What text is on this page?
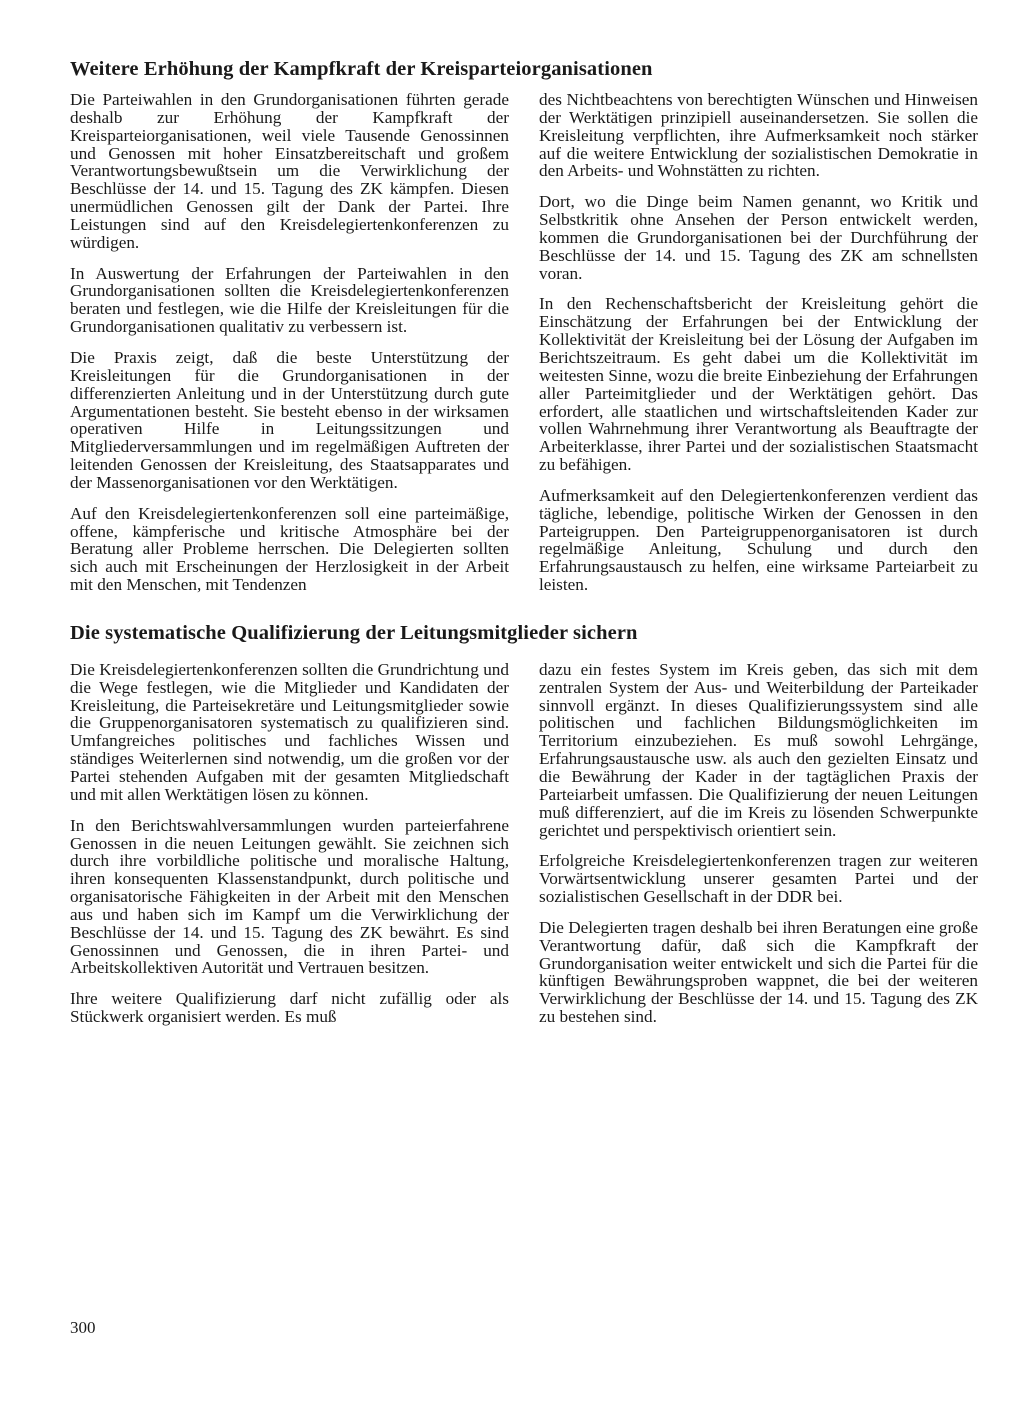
Weitere Erhöhung der Kampfkraft der Kreisparteiorganisationen

Die Parteiwahlen in den Grundorganisationen führten gerade deshalb zur Erhöhung der Kampfkraft der Kreisparteiorganisationen, weil viele Tausende Genossinnen und Genossen mit hoher Einsatzbereitschaft und großem Verantwortungsbewußtsein um die Verwirklichung der Beschlüsse der 14. und 15. Tagung des ZK kämpfen. Diesen unermüdlichen Genossen gilt der Dank der Partei. Ihre Leistungen sind auf den Kreisdelegiertenkonferenzen zu würdigen.

In Auswertung der Erfahrungen der Parteiwahlen in den Grundorganisationen sollten die Kreisdelegiertenkonferenzen beraten und festlegen, wie die Hilfe der Kreisleitungen für die Grundorganisationen qualitativ zu verbessern ist.

Die Praxis zeigt, daß die beste Unterstützung der Kreisleitungen für die Grundorganisationen in der differenzierten Anleitung und in der Unterstützung durch gute Argumentationen besteht. Sie besteht ebenso in der wirksamen operativen Hilfe in Leitungssitzungen und Mitgliederversammlungen und im regelmäßigen Auftreten der leitenden Genossen der Kreisleitung, des Staatsapparates und der Massenorganisationen vor den Werktätigen.

Auf den Kreisdelegiertenkonferenzen soll eine parteimäßige, offene, kämpferische und kritische Atmosphäre bei der Beratung aller Probleme herrschen. Die Delegierten sollten sich auch mit Erscheinungen der Herzlosigkeit in der Arbeit mit den Menschen, mit Tendenzen

des Nichtbeachtens von berechtigten Wünschen und Hinweisen der Werktätigen prinzipiell auseinandersetzen. Sie sollen die Kreisleitung verpflichten, ihre Aufmerksamkeit noch stärker auf die weitere Entwicklung der sozialistischen Demokratie in den Arbeits- und Wohnstätten zu richten.

Dort, wo die Dinge beim Namen genannt, wo Kritik und Selbstkritik ohne Ansehen der Person entwickelt werden, kommen die Grundorganisationen bei der Durchführung der Beschlüsse der 14. und 15. Tagung des ZK am schnellsten voran.

In den Rechenschaftsbericht der Kreisleitung gehört die Einschätzung der Erfahrungen bei der Entwicklung der Kollektivität der Kreisleitung bei der Lösung der Aufgaben im Berichtszeitraum. Es geht dabei um die Kollektivität im weitesten Sinne, wozu die breite Einbeziehung der Erfahrungen aller Parteimitglieder und der Werktätigen gehört. Das erfordert, alle staatlichen und wirtschaftsleitenden Kader zur vollen Wahrnehmung ihrer Verantwortung als Beauftragte der Arbeiterklasse, ihrer Partei und der sozialistischen Staatsmacht zu befähigen.

Aufmerksamkeit auf den Delegiertenkonferenzen verdient das tägliche, lebendige, politische Wirken der Genossen in den Parteigruppen. Den Parteigruppenorganisatoren ist durch regelmäßige Anleitung, Schulung und durch den Erfahrungsaustausch zu helfen, eine wirksame Parteiarbeit zu leisten.

Die systematische Qualifizierung der Leitungsmitglieder sichern

Die Kreisdelegiertenkonferenzen sollten die Grundrichtung und die Wege festlegen, wie die Mitglieder und Kandidaten der Kreisleitung, die Parteisekretäre und Leitungsmitglieder sowie die Gruppenorganisatoren systematisch zu qualifizieren sind. Umfangreiches politisches und fachliches Wissen und ständiges Weiterlernen sind notwendig, um die großen vor der Partei stehenden Aufgaben mit der gesamten Mitgliedschaft und mit allen Werktätigen lösen zu können.

In den Berichtswahlversammlungen wurden parteierfahrene Genossen in die neuen Leitungen gewählt. Sie zeichnen sich durch ihre vorbildliche politische und moralische Haltung, ihren konsequenten Klassenstandpunkt, durch politische und organisatorische Fähigkeiten in der Arbeit mit den Menschen aus und haben sich im Kampf um die Verwirklichung der Beschlüsse der 14. und 15. Tagung des ZK bewährt. Es sind Genossinnen und Genossen, die in ihren Partei- und Arbeitskollektiven Autorität und Vertrauen besitzen.

Ihre weitere Qualifizierung darf nicht zufällig oder als Stückwerk organisiert werden. Es muß

dazu ein festes System im Kreis geben, das sich mit dem zentralen System der Aus- und Weiterbildung der Parteikader sinnvoll ergänzt. In dieses Qualifizierungssystem sind alle politischen und fachlichen Bildungsmöglichkeiten im Territorium einzubeziehen. Es muß sowohl Lehrgänge, Erfahrungsaustausche usw. als auch den gezielten Einsatz und die Bewährung der Kader in der tagtäglichen Praxis der Parteiarbeit umfassen. Die Qualifizierung der neuen Leitungen muß differenziert, auf die im Kreis zu lösenden Schwerpunkte gerichtet und perspektivisch orientiert sein.

Erfolgreiche Kreisdelegiertenkonferenzen tragen zur weiteren Vorwärtsentwicklung unserer gesamten Partei und der sozialistischen Gesellschaft in der DDR bei.

Die Delegierten tragen deshalb bei ihren Beratungen eine große Verantwortung dafür, daß sich die Kampfkraft der Grundorganisation weiter entwickelt und sich die Partei für die künftigen Bewährungsproben wappnet, die bei der weiteren Verwirklichung der Beschlüsse der 14. und 15. Tagung des ZK zu bestehen sind.

300
